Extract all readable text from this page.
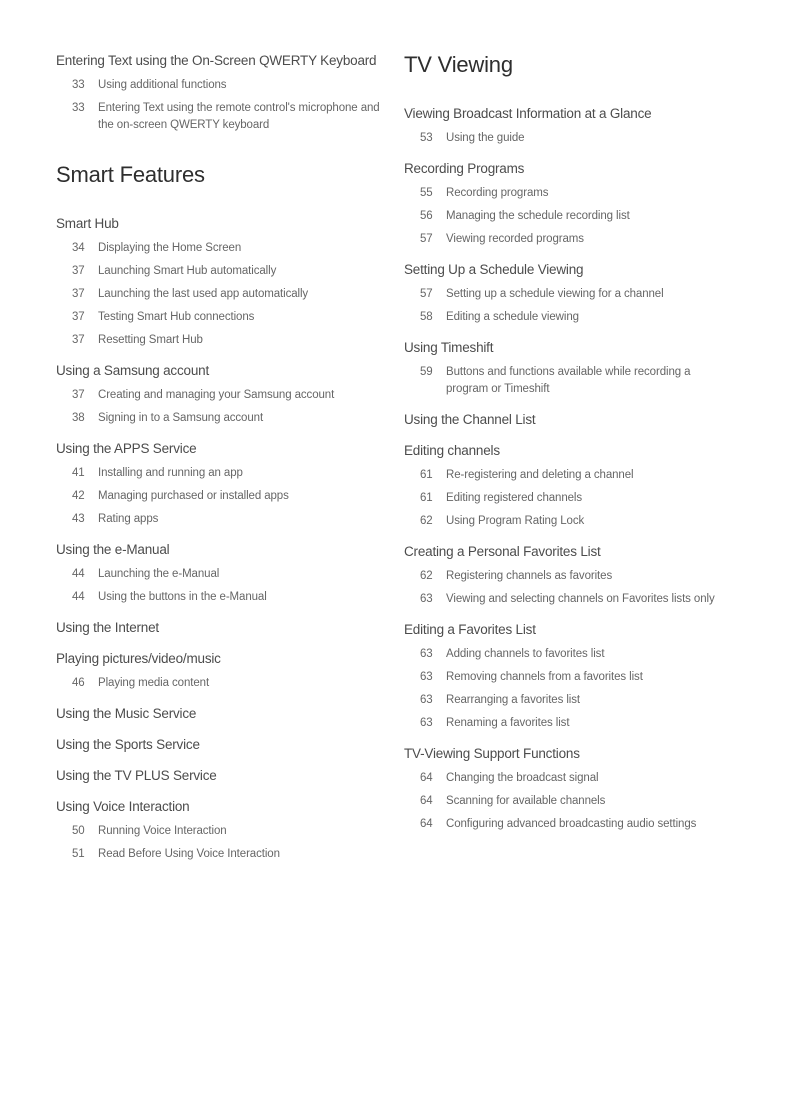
Entering Text using the On-Screen QWERTY Keyboard
33	Using additional functions
33	Entering Text using the remote control's microphone and the on-screen QWERTY keyboard
Smart Features
Smart Hub
34	Displaying the Home Screen
37	Launching Smart Hub automatically
37	Launching the last used app automatically
37	Testing Smart Hub connections
37	Resetting Smart Hub
Using a Samsung account
37	Creating and managing your Samsung account
38	Signing in to a Samsung account
Using the APPS Service
41	Installing and running an app
42	Managing purchased or installed apps
43	Rating apps
Using the e-Manual
44	Launching the e-Manual
44	Using the buttons in the e-Manual
Using the Internet
Playing pictures/video/music
46	Playing media content
Using the Music Service
Using the Sports Service
Using the TV PLUS Service
Using Voice Interaction
50	Running Voice Interaction
51	Read Before Using Voice Interaction
TV Viewing
Viewing Broadcast Information at a Glance
53	Using the guide
Recording Programs
55	Recording programs
56	Managing the schedule recording list
57	Viewing recorded programs
Setting Up a Schedule Viewing
57	Setting up a schedule viewing for a channel
58	Editing a schedule viewing
Using Timeshift
59	Buttons and functions available while recording a program or Timeshift
Using the Channel List
Editing channels
61	Re-registering and deleting a channel
61	Editing registered channels
62	Using Program Rating Lock
Creating a Personal Favorites List
62	Registering channels as favorites
63	Viewing and selecting channels on Favorites lists only
Editing a Favorites List
63	Adding channels to favorites list
63	Removing channels from a favorites list
63	Rearranging a favorites list
63	Renaming a favorites list
TV-Viewing Support Functions
64	Changing the broadcast signal
64	Scanning for available channels
64	Configuring advanced broadcasting audio settings
